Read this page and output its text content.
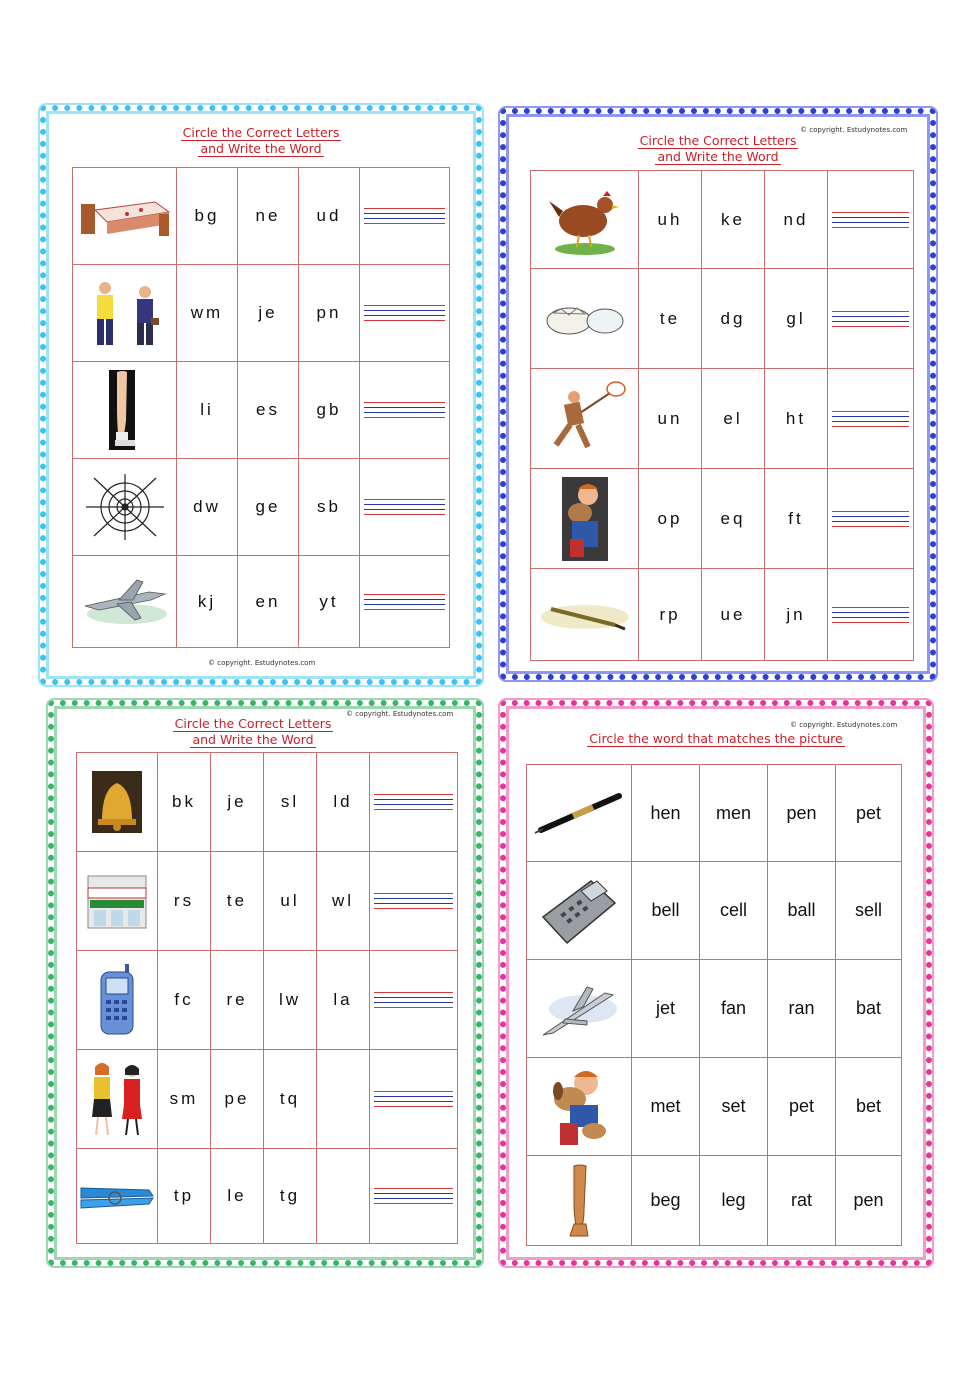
Circle the Correct Letters
and Write the Word
	bg	ne	ud	

	wm	je	pn	

	li	es	gb	

	dw	ge	sb	

	kj	en	yt	
© copyright. Estudynotes.com
© copyright. Estudynotes.com
Circle the Correct Letters
and Write the Word
	uh	ke	nd	

	te	dg	gl	

	un	el	ht	

	op	eq	ft	

	rp	ue	jn	
© copyright. Estudynotes.com
Circle the Correct Letters
and Write the Word
	bk	je	sl	ld	

	rs	te	ul	wl	

	fc	re	lw	la	

	sm	pe	tq		

	tp	le	tg		
© copyright. Estudynotes.com
Circle the word that matches the picture
	hen	men	pen	pet

	bell	cell	ball	sell

	jet	fan	ran	bat

	met	set	pet	bet

	beg	leg	rat	pen
